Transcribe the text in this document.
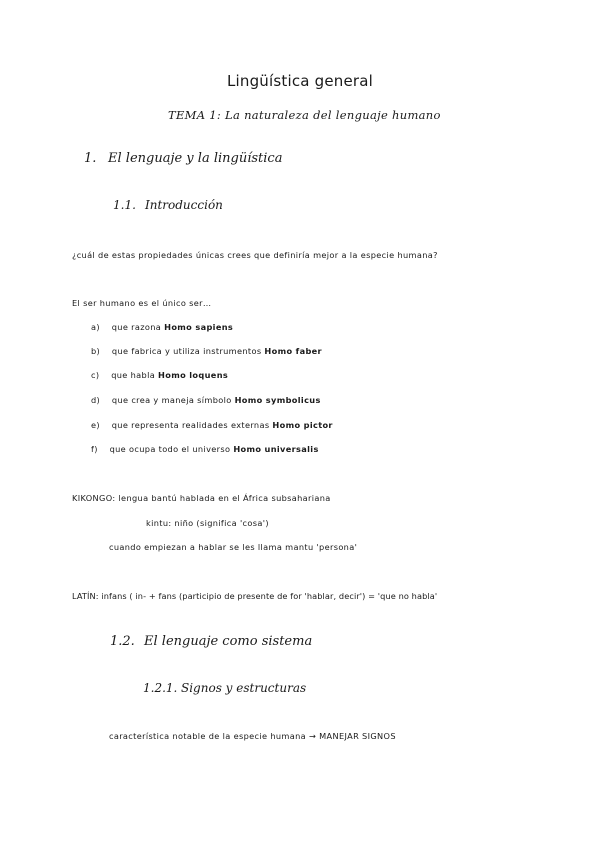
Lingüística general
TEMA 1: La naturaleza del lenguaje humano
1. El lenguaje y la lingüística
1.1. Introducción
¿cuál de estas propiedades únicas crees que definiría mejor a la especie humana?
El ser humano es el único ser…
a) que razona Homo sapiens
b) que fabrica y utiliza instrumentos Homo faber
c) que habla Homo loquens
d) que crea y maneja símbolo Homo symbolicus
e) que representa realidades externas Homo pictor
f) que ocupa todo el universo Homo universalis
KIKONGO: lengua bantú hablada en el África subsahariana
kintu: niño (significa 'cosa')
cuando empiezan a hablar se les llama mantu 'persona'
LATÍN: infans ( in- + fans (participio de presente de for 'hablar, decir') = 'que no habla'
1.2. El lenguaje como sistema
1.2.1. Signos y estructuras
característica notable de la especie humana → MANEJAR SIGNOS
